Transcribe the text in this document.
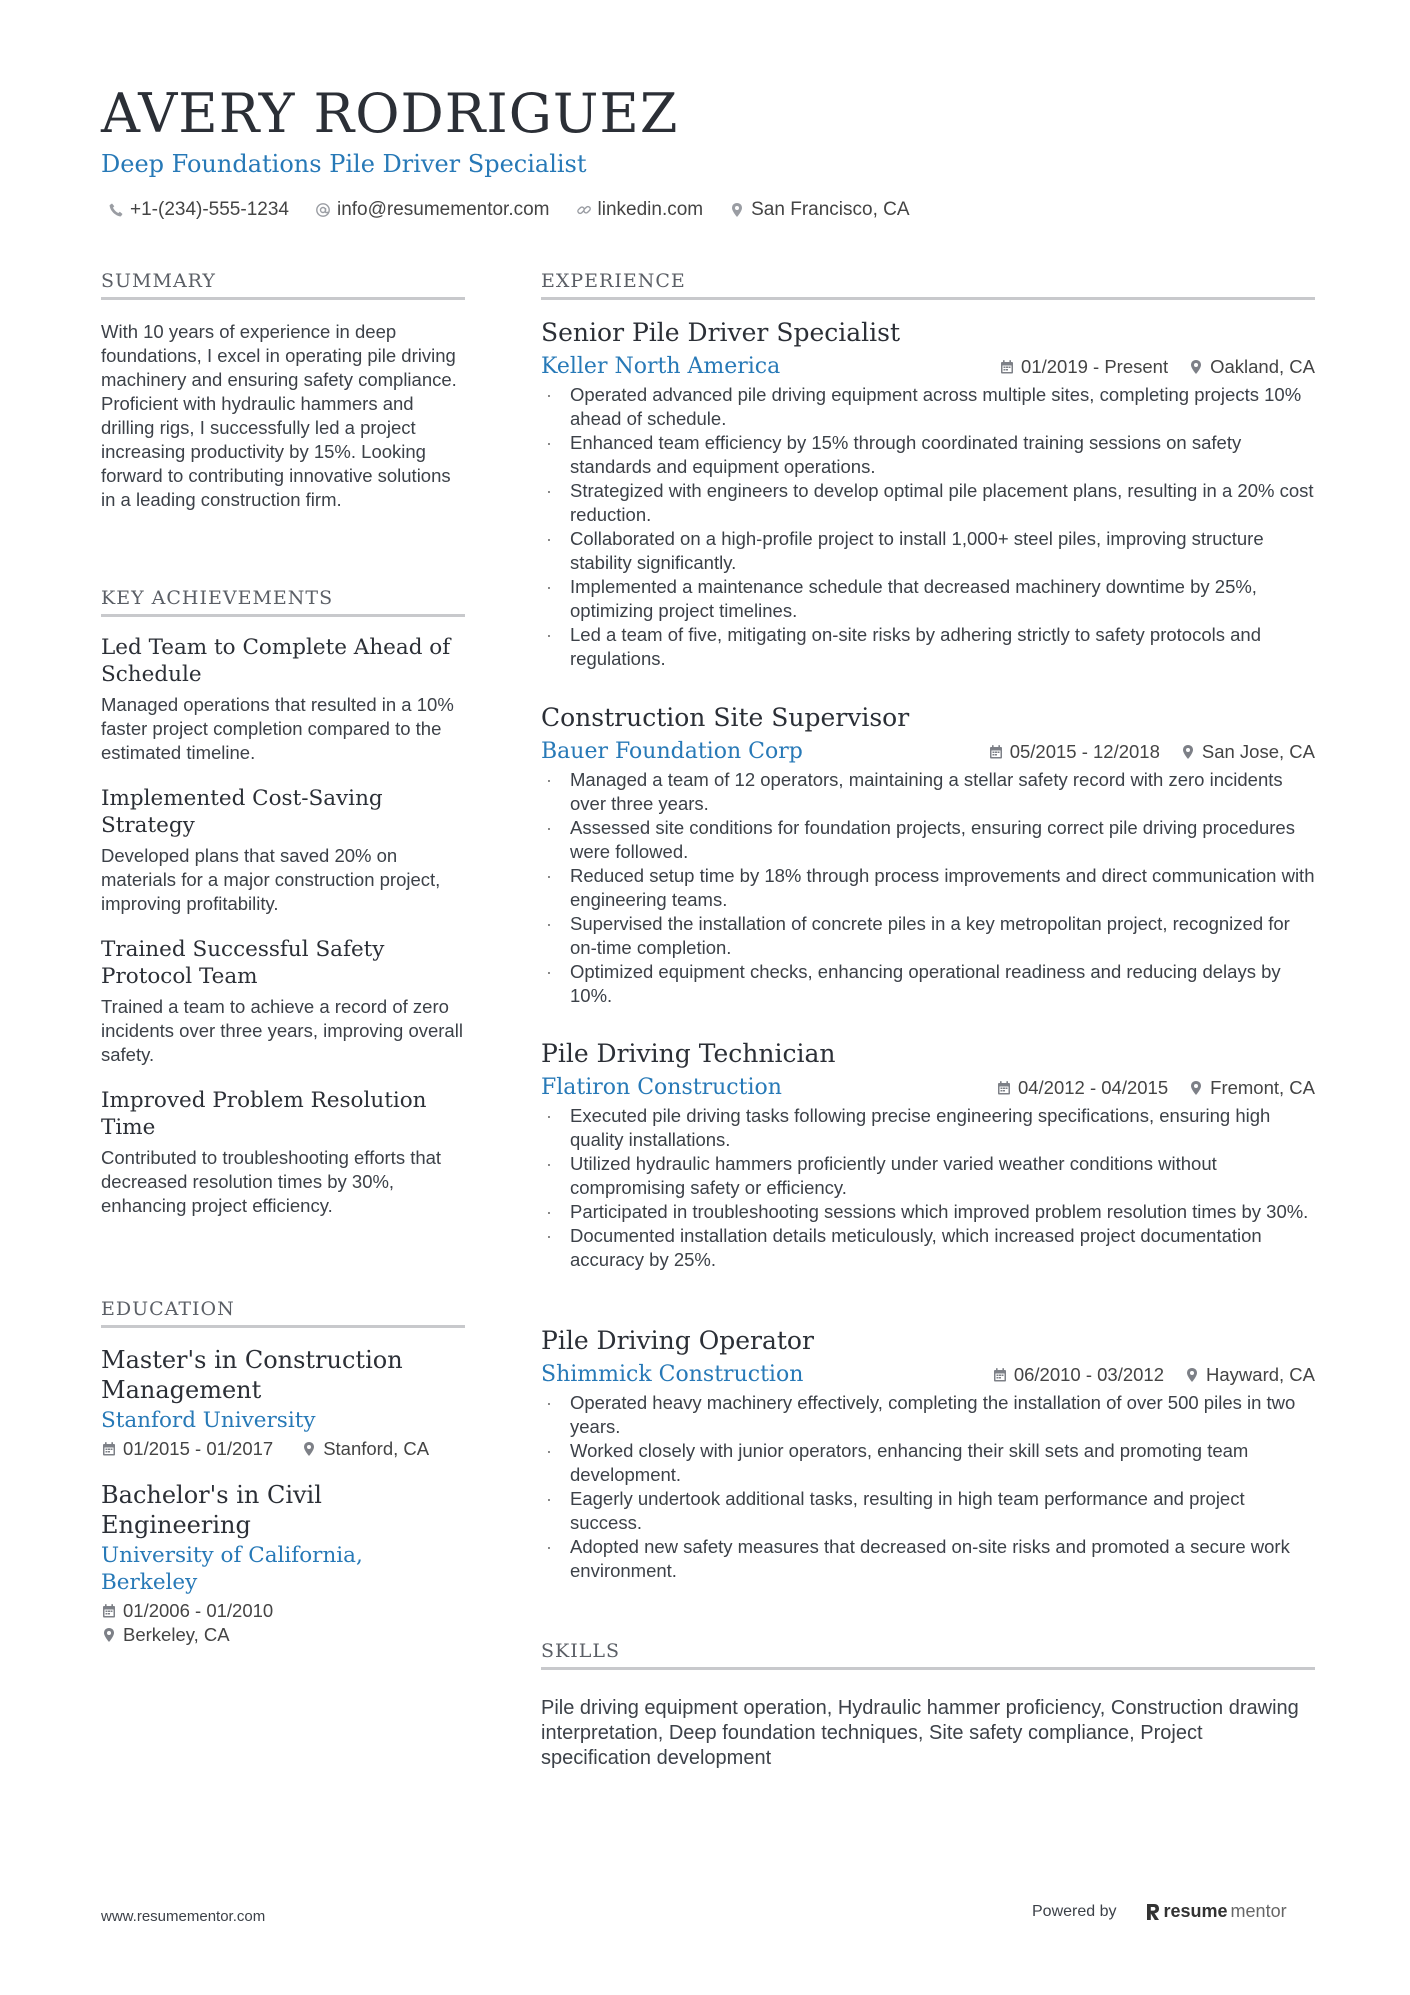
AVERY RODRIGUEZ
Deep Foundations Pile Driver Specialist
+1-(234)-555-1234	info@resumementor.com	linkedin.com	San Francisco, CA
SUMMARY

With 10 years of experience in deep foundations, I excel in operating pile driving machinery and ensuring safety compliance. Proficient with hydraulic hammers and drilling rigs, I successfully led a project increasing productivity by 15%. Looking forward to contributing innovative solutions in a leading construction firm.

KEY ACHIEVEMENTS

Led Team to Complete Ahead of Schedule

Managed operations that resulted in a 10% faster project completion compared to the estimated timeline.

Implemented Cost-Saving Strategy

Developed plans that saved 20% on materials for a major construction project, improving profitability.

Trained Successful Safety Protocol Team

Trained a team to achieve a record of zero incidents over three years, improving overall safety.

Improved Problem Resolution Time

Contributed to troubleshooting efforts that decreased resolution times by 30%, enhancing project efficiency.

EDUCATION

Master's in Construction Management

Stanford University

01/2015 - 01/2017	Stanford, CA

Bachelor's in Civil Engineering

University of California, Berkeley

01/2006 - 01/2010
Berkeley, CA
EXPERIENCE

Senior Pile Driver Specialist

Keller North America	01/2019 - Present Oakland, CA
· Operated advanced pile driving equipment across multiple sites, completing projects 10% ahead of schedule.
· Enhanced team efficiency by 15% through coordinated training sessions on safety standards and equipment operations.
· Strategized with engineers to develop optimal pile placement plans, resulting in a 20% cost reduction.
· Collaborated on a high-profile project to install 1,000+ steel piles, improving structure stability significantly.
· Implemented a maintenance schedule that decreased machinery downtime by 25%, optimizing project timelines.
· Led a team of five, mitigating on-site risks by adhering strictly to safety protocols and regulations.

Construction Site Supervisor

Bauer Foundation Corp	05/2015 - 12/2018 San Jose, CA
· Managed a team of 12 operators, maintaining a stellar safety record with zero incidents over three years.
· Assessed site conditions for foundation projects, ensuring correct pile driving procedures were followed.
· Reduced setup time by 18% through process improvements and direct communication with engineering teams.
· Supervised the installation of concrete piles in a key metropolitan project, recognized for on-time completion.
· Optimized equipment checks, enhancing operational readiness and reducing delays by 10%.

Pile Driving Technician

Flatiron Construction	04/2012 - 04/2015 Fremont, CA
· Executed pile driving tasks following precise engineering specifications, ensuring high quality installations.
· Utilized hydraulic hammers proficiently under varied weather conditions without compromising safety or efficiency.
· Participated in troubleshooting sessions which improved problem resolution times by 30%.
· Documented installation details meticulously, which increased project documentation accuracy by 25%.

Pile Driving Operator

Shimmick Construction	06/2010 - 03/2012 Hayward, CA
· Operated heavy machinery effectively, completing the installation of over 500 piles in two years.
· Worked closely with junior operators, enhancing their skill sets and promoting team development.
· Eagerly undertook additional tasks, resulting in high team performance and project success.
· Adopted new safety measures that decreased on-site risks and promoted a secure work environment.
SKILLS

Pile driving equipment operation, Hydraulic hammer proficiency, Construction drawing interpretation, Deep foundation techniques, Site safety compliance, Project specification development

www.resumementor.com	Powered by	resume mentor
